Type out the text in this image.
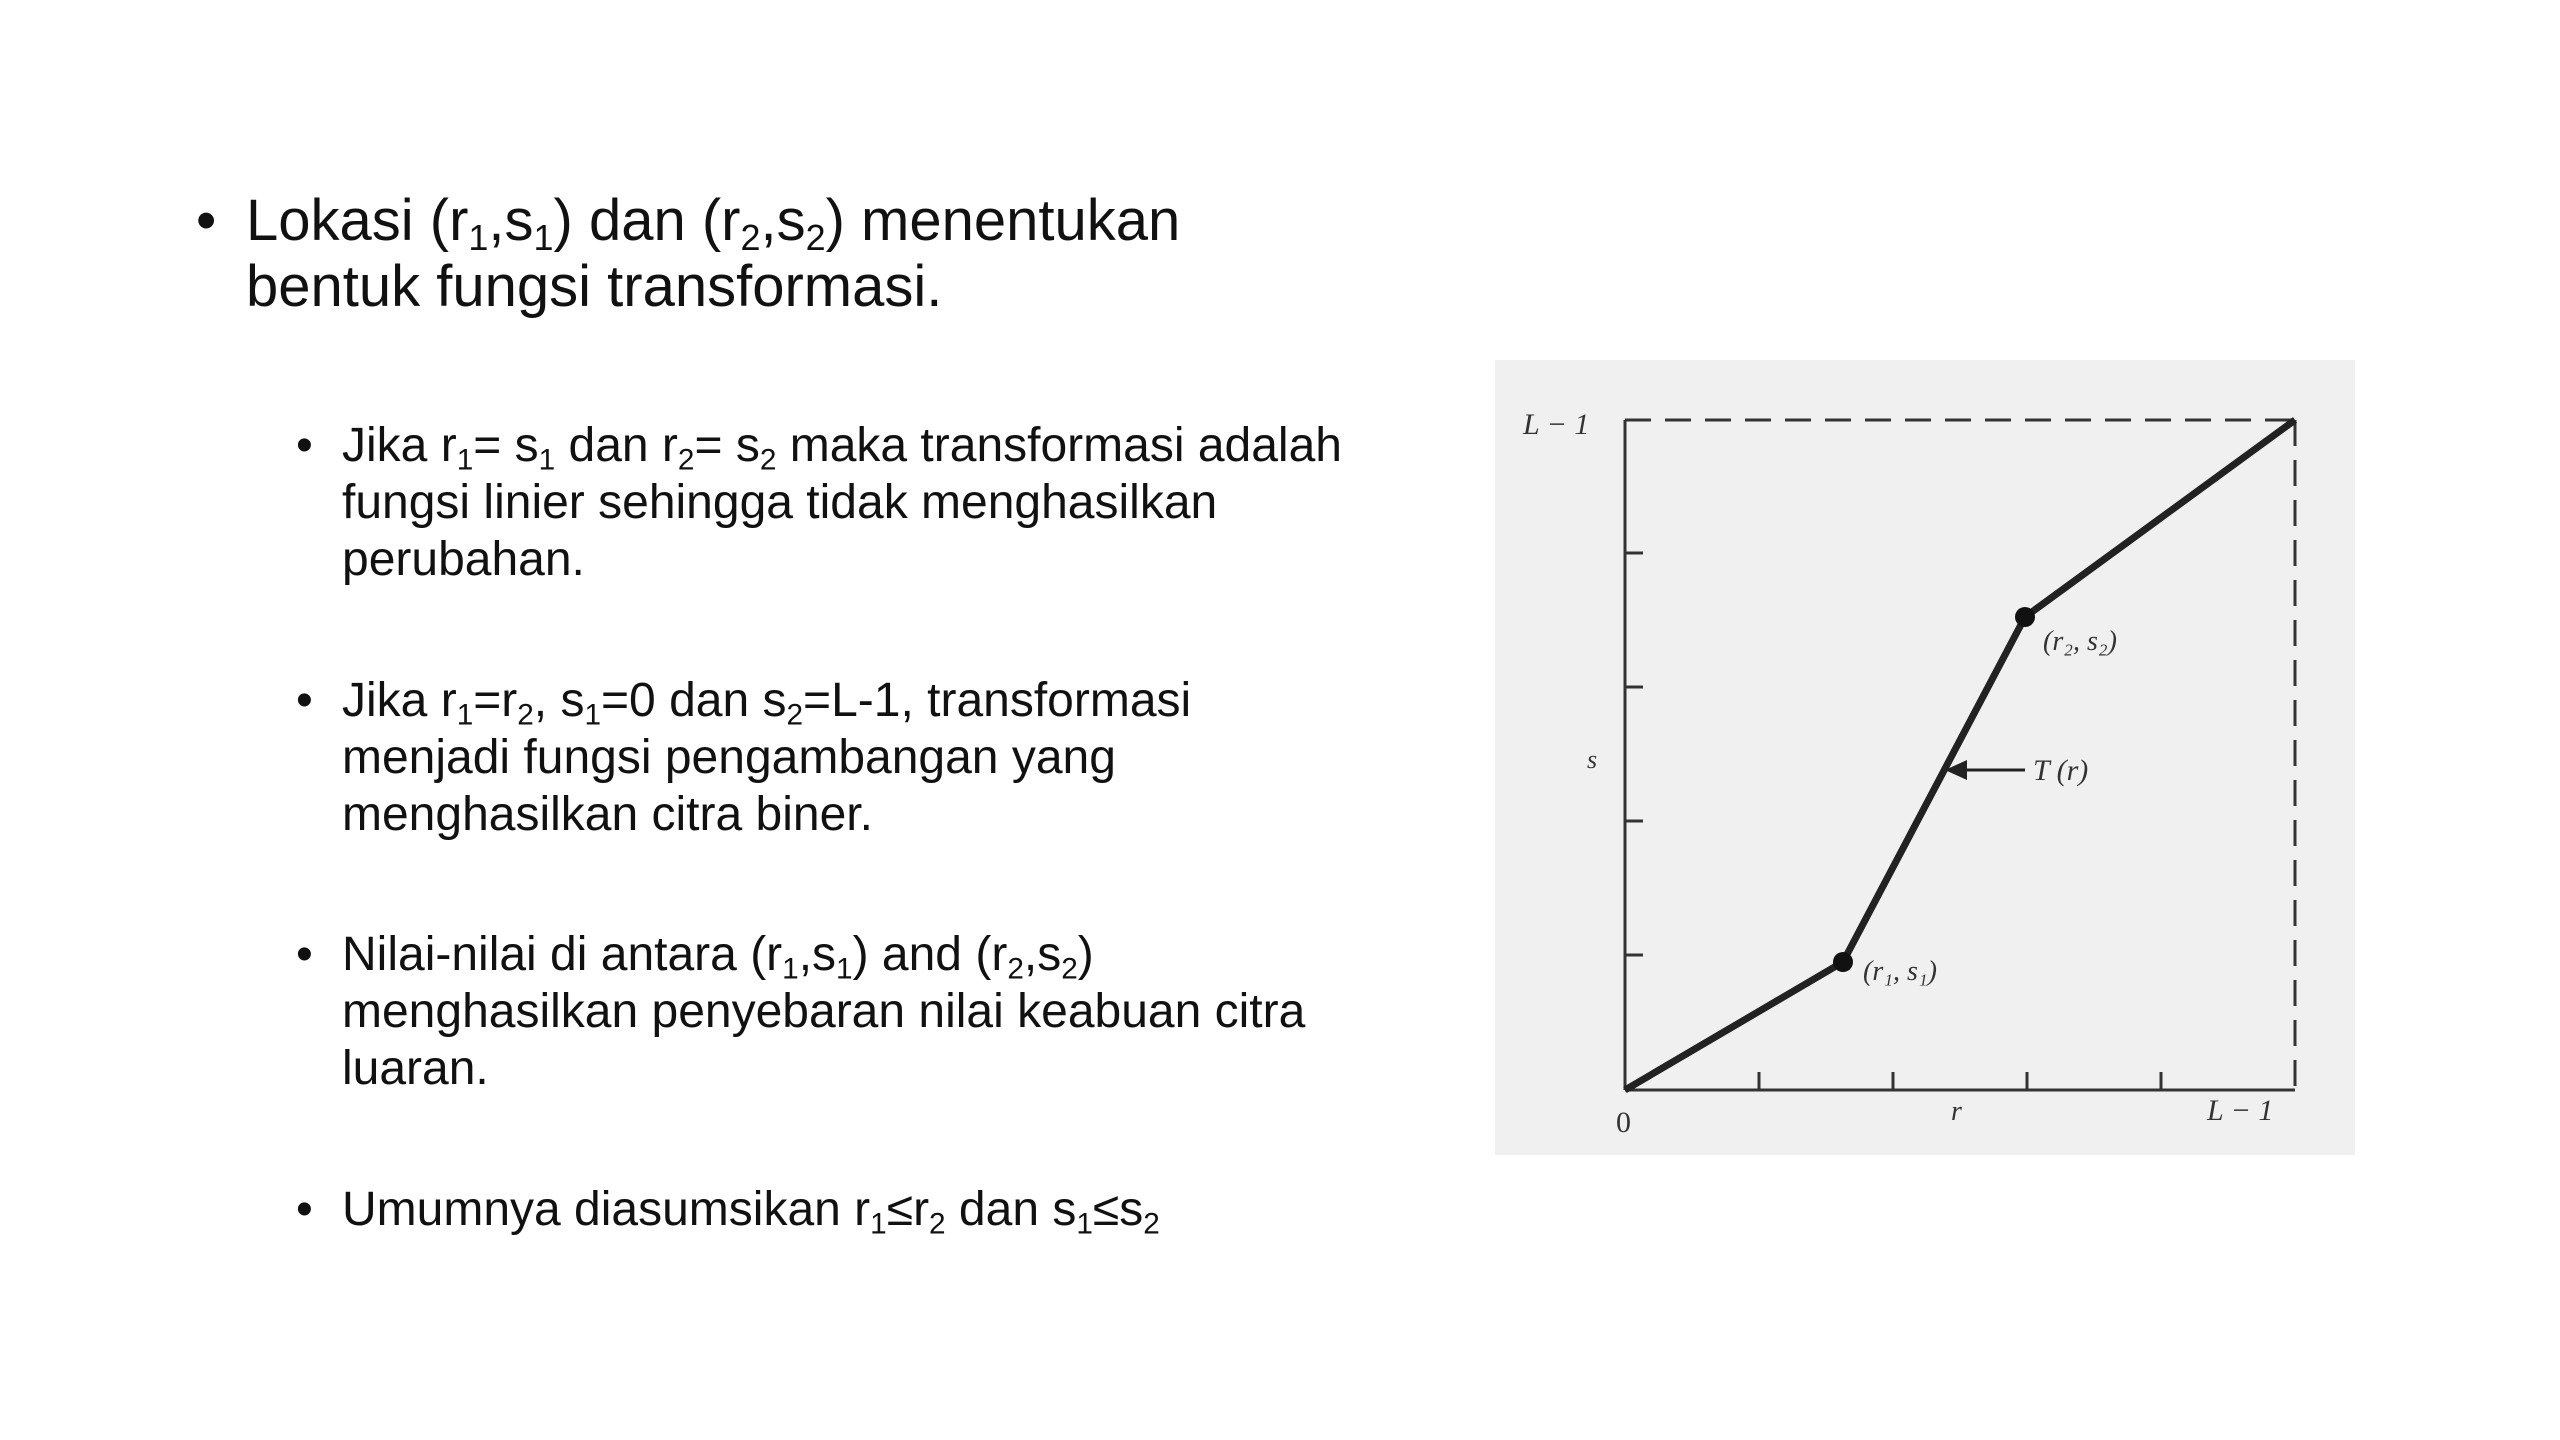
• Lokasi $(r_1,s_1)$ dan $(r_2,s_2)$ menentukan
bentuk fungsi transformasi.
• Jika $r_1= s_1$ dan $r_2= s_2$ maka transformasi adalah
fungsi linier sehingga tidak menghasilkan
perubahan.
• Jika $r_1=r_2$, $s_1=0$ dan $s_2=L-1$, transformasi
menjadi fungsi pengambangan yang
menghasilkan citra biner.
• Nilai-nilai di antara $(r_1,s_1)$ and $(r_2,s_2)$
menghasilkan penyebaran nilai keabuan citra
luaran.
• Umumnya diasumsikan $r_1\le r_2$ dan $s_1\le s_2$
L − 1
s
0	r	L − 1
(r₁, s₁)
(r₂, s₂)
T (r)
